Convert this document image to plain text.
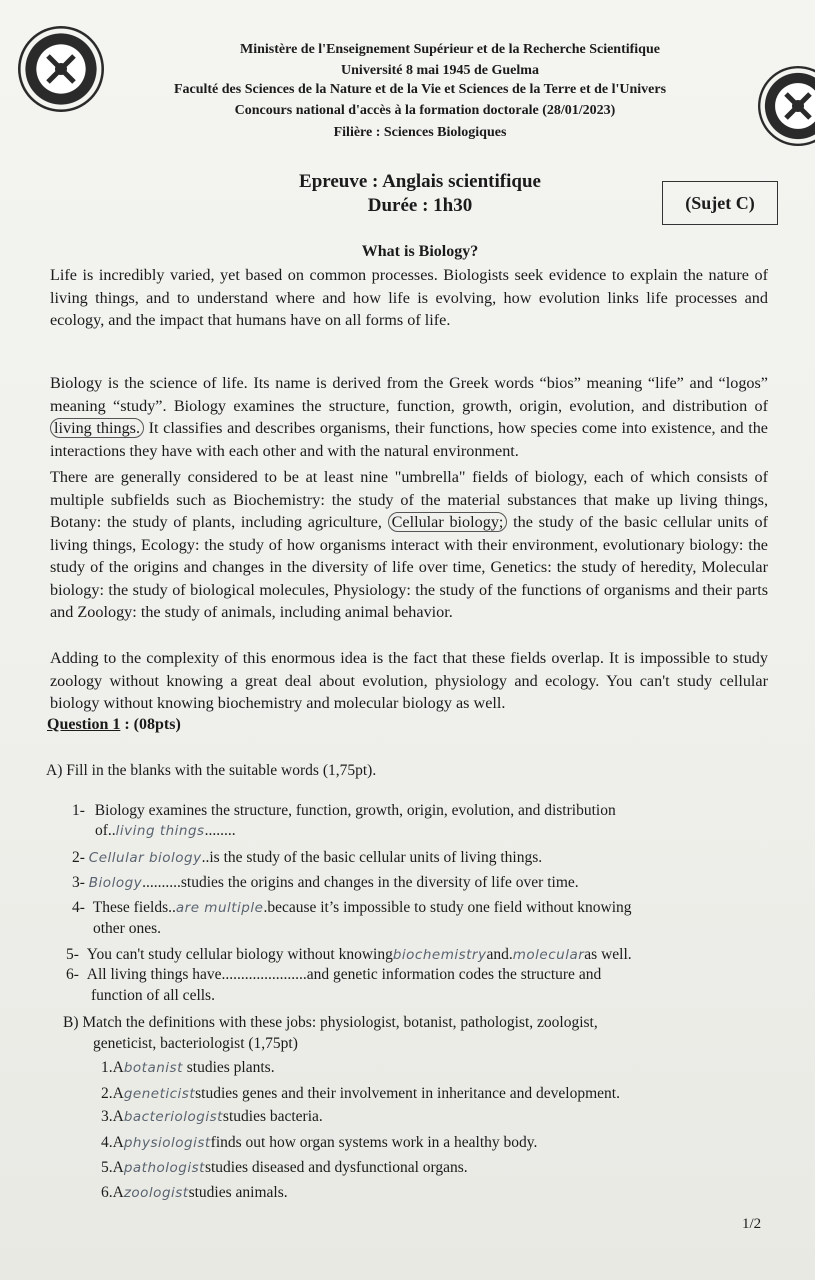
Ministère de l'Enseignement Supérieur et de la Recherche Scientifique
Université 8 mai 1945 de Guelma
Faculté des Sciences de la Nature et de la Vie et Sciences de la Terre et de l'Univers
Concours national d'accès à la formation doctorale (28/01/2023)
Filière : Sciences Biologiques
Epreuve : Anglais scientifique
Durée : 1h30	(Sujet C)
What is Biology?

Life is incredibly varied, yet based on common processes. Biologists seek evidence to explain the nature of living things, and to understand where and how life is evolving, how evolution links life processes and ecology, and the impact that humans have on all forms of life.

Biology is the science of life. Its name is derived from the Greek words “bios” meaning “life” and “logos” meaning “study”. Biology examines the structure, function, growth, origin, evolution, and distribution of living things. It classifies and describes organisms, their functions, how species come into existence, and the interactions they have with each other and with the natural environment.

There are generally considered to be at least nine "umbrella" fields of biology, each of which consists of multiple subfields such as Biochemistry: the study of the material substances that make up living things, Botany: the study of plants, including agriculture, Cellular biology; the study of the basic cellular units of living things, Ecology: the study of how organisms interact with their environment, evolutionary biology: the study of the origins and changes in the diversity of life over time, Genetics: the study of heredity, Molecular biology: the study of biological molecules, Physiology: the study of the functions of organisms and their parts and Zoology: the study of animals, including animal behavior.

Adding to the complexity of this enormous idea is the fact that these fields overlap. It is impossible to study zoology without knowing a great deal about evolution, physiology and ecology. You can't study cellular biology without knowing biochemistry and molecular biology as well.

Question 1 : (08pts)
A) Fill in the blanks with the suitable words (1,75pt).
1- Biology examines the structure, function, growth, origin, evolution, and distribution
of..living things........
2- Cellular biology..is the study of the basic cellular units of living things.
3- Biology..........studies the origins and changes in the diversity of life over time.
4- These fields..are multiple.because it’s impossible to study one field without knowing
other ones.
5- You can't study cellular biology without knowingbiochemistryand.molecularas well.
6- All living things have......................and genetic information codes the structure and
function of all cells.
B) Match the definitions with these jobs: physiologist, botanist, pathologist, zoologist,
geneticist, bacteriologist (1,75pt)
1.Abotanist studies plants.
2.Ageneticiststudies genes and their involvement in inheritance and development.
3.Abacteriologiststudies bacteria.
4.Aphysiologistfinds out how organ systems work in a healthy body.
5.Apathologiststudies diseased and dysfunctional organs.
6.Azoologiststudies animals.
1/2
